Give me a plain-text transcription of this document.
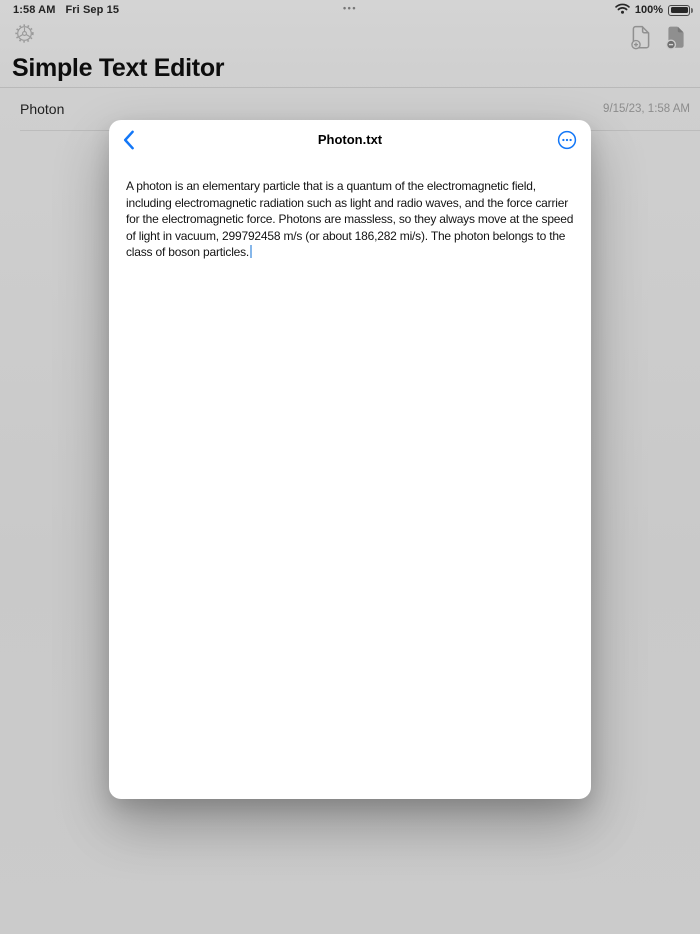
1:58 AM Fri Sep 15	•••	100%
Simple Text Editor
Photon	9/15/23, 1:58 AM
Photon.txt
A photon is an elementary particle that is a quantum of the electromagnetic field, including electromagnetic radiation such as light and radio waves, and the force carrier for the electromagnetic force. Photons are massless, so they always move at the speed of light in vacuum, 299792458 m/s (or about 186,282 mi/s). The photon belongs to the class of boson particles.
